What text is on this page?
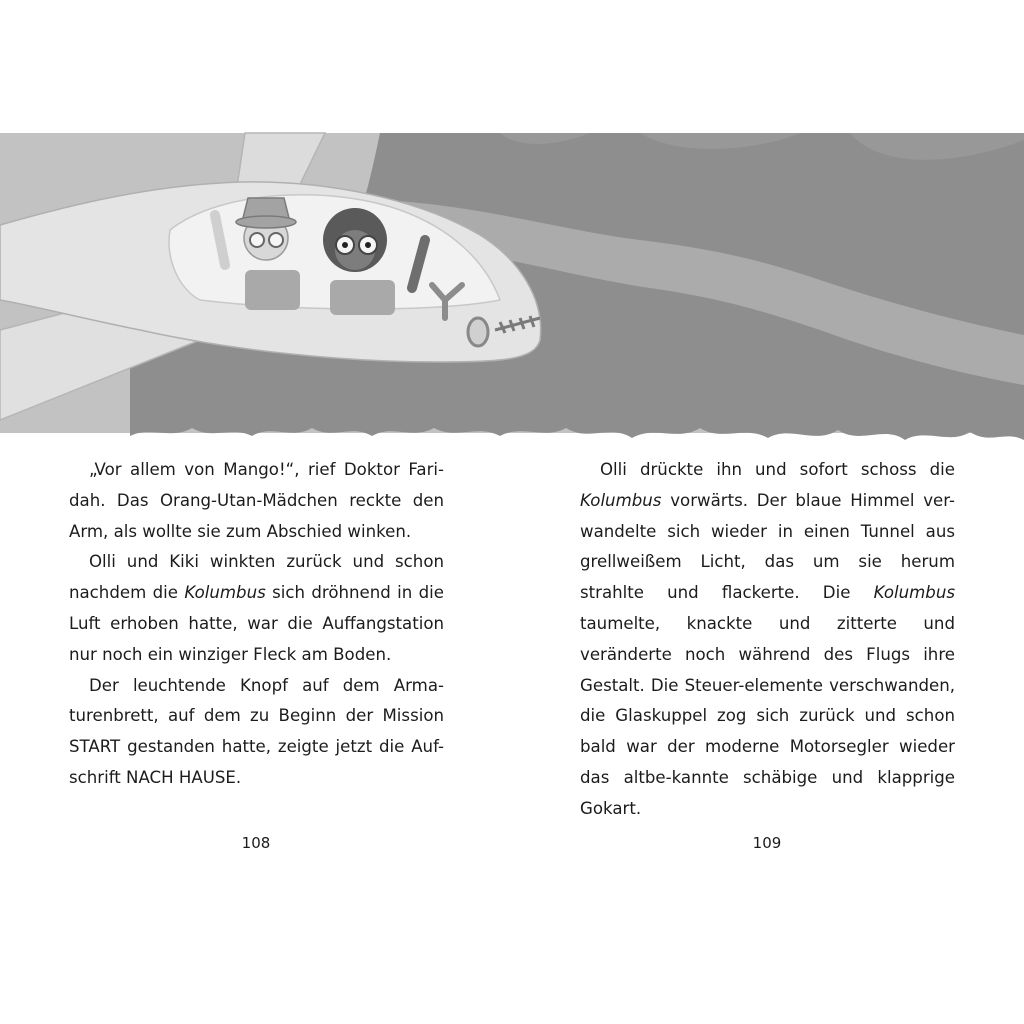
„Vor allem von Mango!“, rief Doktor Fari-dah. Das Orang-Utan-Mädchen reckte den Arm, als wollte sie zum Abschied winken.

Olli und Kiki winkten zurück und schon nachdem die Kolumbus sich dröhnend in die Luft erhoben hatte, war die Auffangstation nur noch ein winziger Fleck am Boden.

Der leuchtende Knopf auf dem Arma-turenbrett, auf dem zu Beginn der Mission START gestanden hatte, zeigte jetzt die Auf-schrift NACH HAUSE.

Olli drückte ihn und sofort schoss die Kolumbus vorwärts. Der blaue Himmel ver-wandelte sich wieder in einen Tunnel aus grellweißem Licht, das um sie herum strahlte und flackerte. Die Kolumbus taumelte, knackte und zitterte und veränderte noch während des Flugs ihre Gestalt. Die Steuer-elemente verschwanden, die Glaskuppel zog sich zurück und schon bald war der moderne Motorsegler wieder das altbe-kannte schäbige und klapprige Gokart.

108	109
